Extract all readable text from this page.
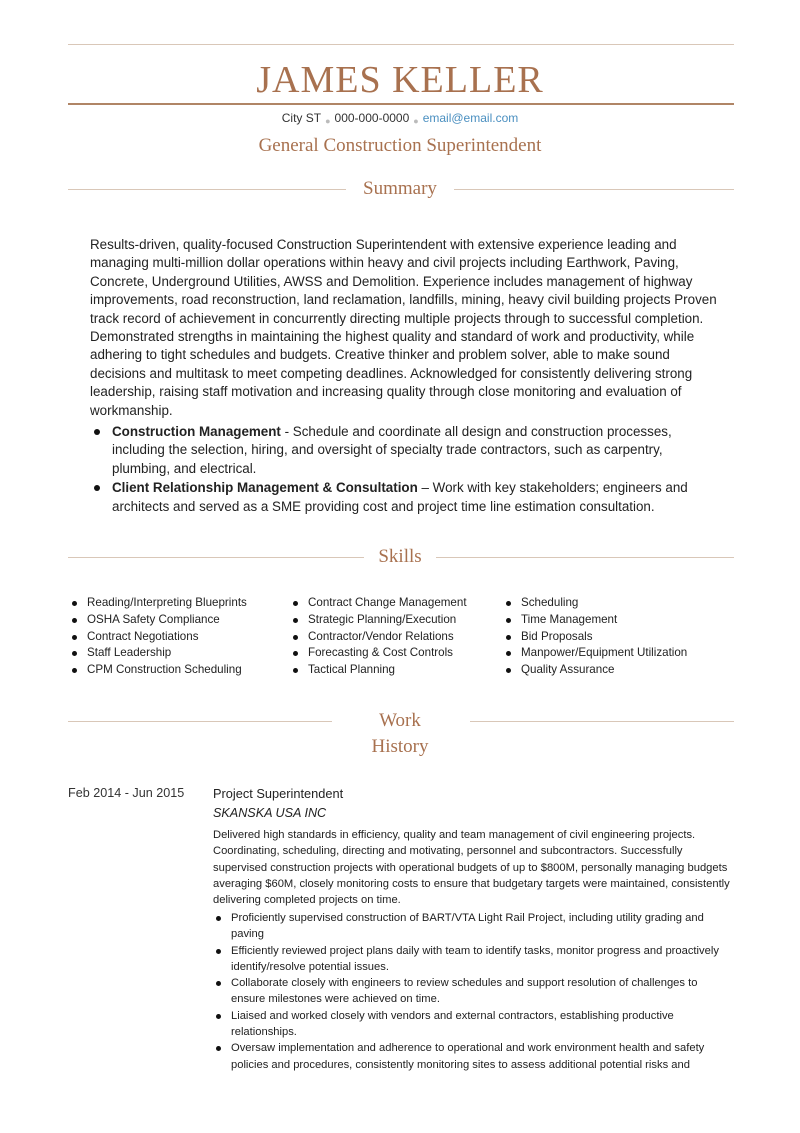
JAMES KELLER
City ST ● 000-000-0000 ● email@email.com
General Construction Superintendent
Summary
Results-driven, quality-focused Construction Superintendent with extensive experience leading and managing multi-million dollar operations within heavy and civil projects including Earthwork, Paving, Concrete, Underground Utilities, AWSS and Demolition. Experience includes management of highway improvements, road reconstruction, land reclamation, landfills, mining, heavy civil building projects Proven track record of achievement in concurrently directing multiple projects through to successful completion. Demonstrated strengths in maintaining the highest quality and standard of work and productivity, while adhering to tight schedules and budgets. Creative thinker and problem solver, able to make sound decisions and multitask to meet competing deadlines. Acknowledged for consistently delivering strong leadership, raising staff motivation and increasing quality through close monitoring and evaluation of workmanship.
Construction Management - Schedule and coordinate all design and construction processes, including the selection, hiring, and oversight of specialty trade contractors, such as carpentry, plumbing, and electrical.
Client Relationship Management & Consultation – Work with key stakeholders; engineers and architects and served as a SME providing cost and project time line estimation consultation.
Skills
Reading/Interpreting Blueprints
OSHA Safety Compliance
Contract Negotiations
Staff Leadership
CPM Construction Scheduling
Contract Change Management
Strategic Planning/Execution
Contractor/Vendor Relations
Forecasting & Cost Controls
Tactical Planning
Scheduling
Time Management
Bid Proposals
Manpower/Equipment Utilization
Quality Assurance
Work
History
Feb 2014 - Jun 2015 Project Superintendent
SKANSKA USA INC
Delivered high standards in efficiency, quality and team management of civil engineering projects. Coordinating, scheduling, directing and motivating, personnel and subcontractors. Successfully supervised construction projects with operational budgets of up to $800M, personally managing budgets averaging $60M, closely monitoring costs to ensure that budgetary targets were maintained, consistently delivering completed projects on time.
Proficiently supervised construction of BART/VTA Light Rail Project, including utility grading and paving
Efficiently reviewed project plans daily with team to identify tasks, monitor progress and proactively identify/resolve potential issues.
Collaborate closely with engineers to review schedules and support resolution of challenges to ensure milestones were achieved on time.
Liaised and worked closely with vendors and external contractors, establishing productive relationships.
Oversaw implementation and adherence to operational and work environment health and safety policies and procedures, consistently monitoring sites to assess additional potential risks and
